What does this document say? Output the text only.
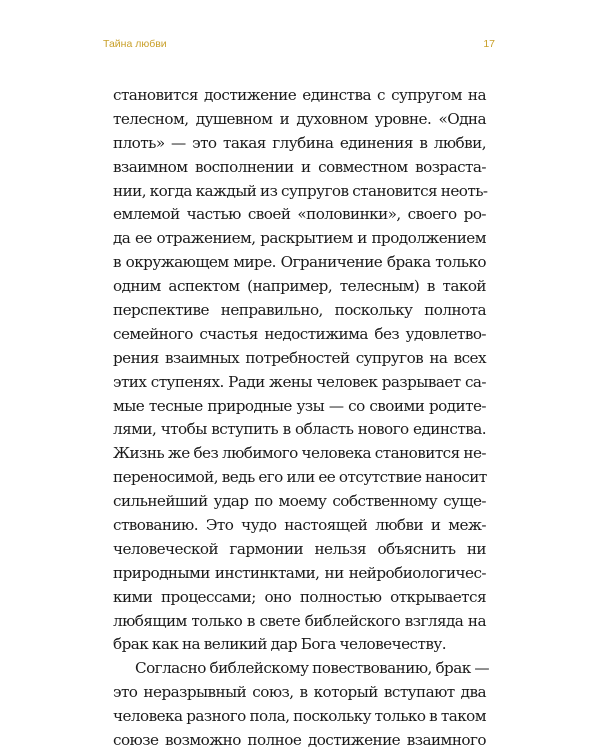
Тайна любви	17
становится достижение единства с супругом на
телесном, душевном и духовном уровне. «Одна
плоть» — это такая глубина единения в любви,
взаимном восполнении и совместном возраста-
нии, когда каждый из супругов становится неоть-
емлемой частью своей «половинки», своего ро-
да ее отражением, раскрытием и продолжением
в окружающем мире. Ограничение брака только
одним аспектом (например, телесным) в такой
перспективе неправильно, поскольку полнота
семейного счастья недостижима без удовлетво-
рения взаимных потребностей супругов на всех
этих ступенях. Ради жены человек разрывает са-
мые тесные природные узы — со своими родите-
лями, чтобы вступить в область нового единства.
Жизнь же без любимого человека становится не-
переносимой, ведь его или ее отсутствие наносит
сильнейший удар по моему собственному суще-
ствованию. Это чудо настоящей любви и меж-
человеческой гармонии нельзя объяснить ни
природными инстинктами, ни нейробиологичес-
кими процессами; оно полностью открывается
любящим только в свете библейского взгляда на
брак как на великий дар Бога человечеству.
Согласно библейскому повествованию, брак —
это неразрывный союз, в который вступают два
человека разного пола, поскольку только в таком
союзе возможно полное достижение взаимного
